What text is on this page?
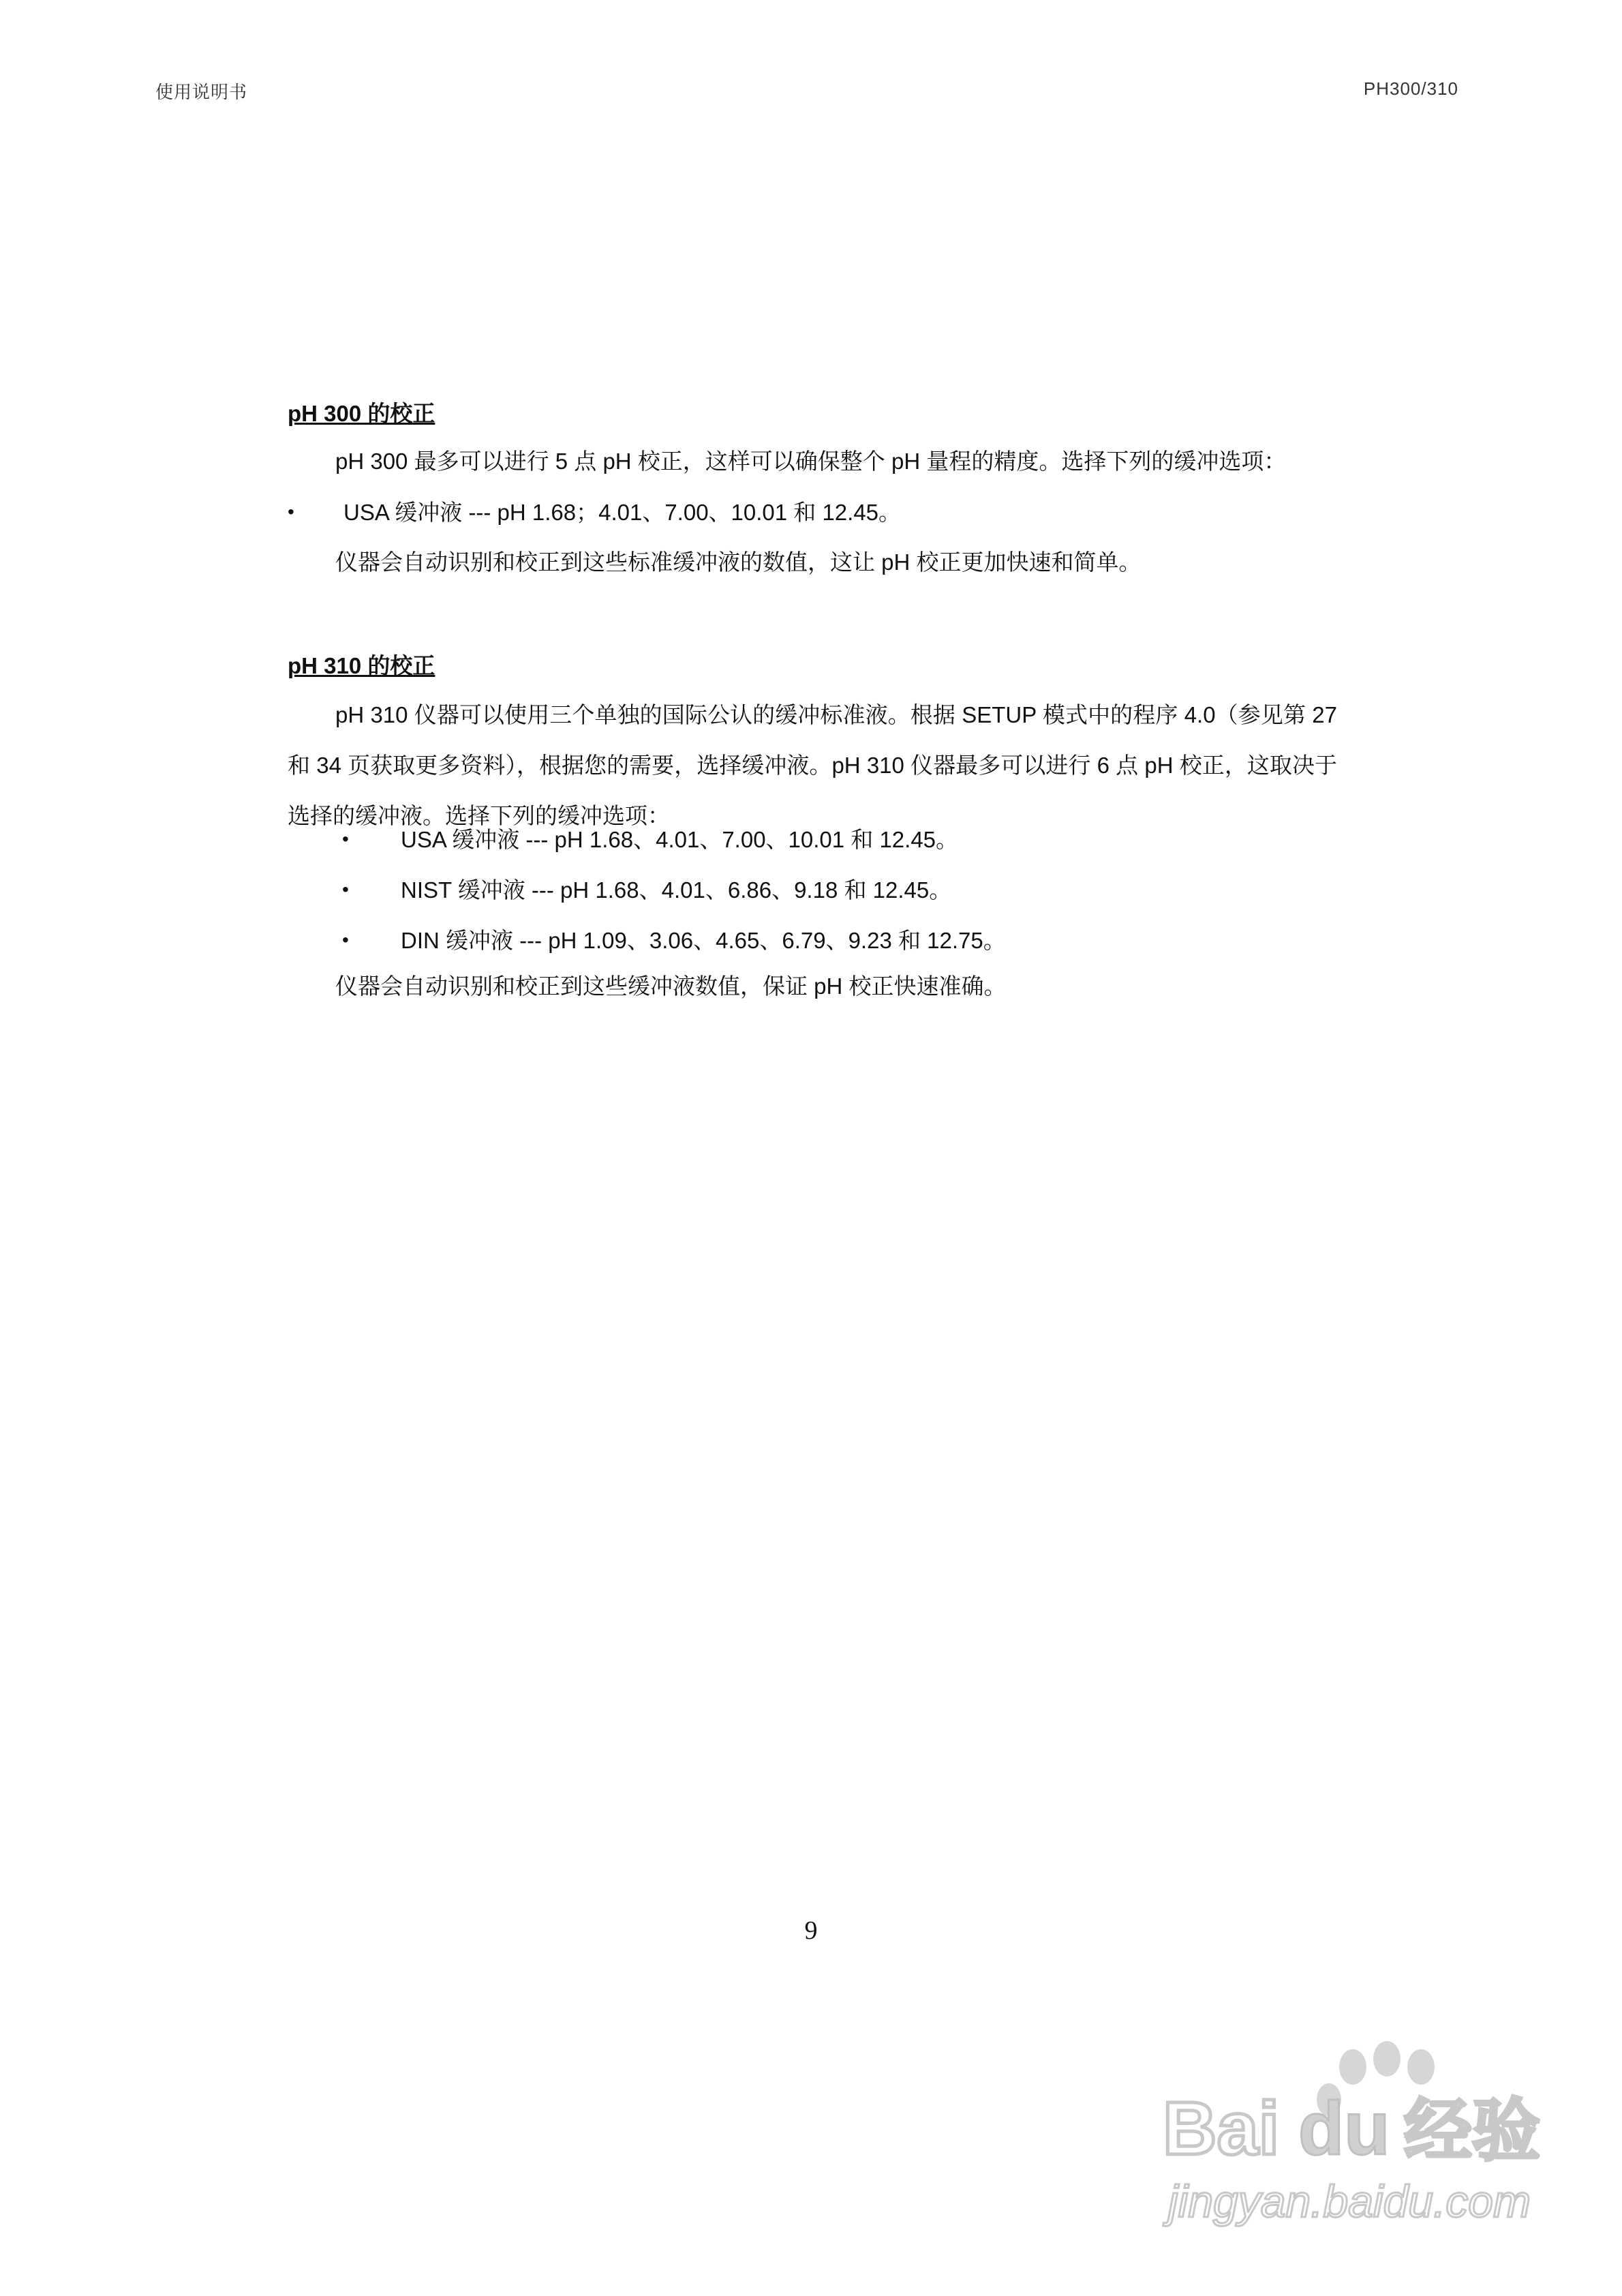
使用说明书	PH300/310

pH 300 的校正

pH 300 最多可以进行 5 点 pH 校正，这样可以确保整个 pH 量程的精度。选择下列的缓冲选项：

• USA 缓冲液 --- pH 1.68；4.01、7.00、10.01 和 12.45。

仪器会自动识别和校正到这些标准缓冲液的数值，这让 pH 校正更加快速和简单。

pH 310 的校正

pH 310 仪器可以使用三个单独的国际公认的缓冲标准液。根据 SETUP 模式中的程序 4.0（参见第 27 和 34 页获取更多资料），根据您的需要，选择缓冲液。pH 310 仪器最多可以进行 6 点 pH 校正，这取决于选择的缓冲液。选择下列的缓冲选项：

• USA 缓冲液 --- pH 1.68、4.01、7.00、10.01 和 12.45。
• NIST 缓冲液 --- pH 1.68、4.01、6.86、9.18 和 12.45。
• DIN 缓冲液 --- pH 1.09、3.06、4.65、6.79、9.23 和 12.75。

仪器会自动识别和校正到这些缓冲液数值，保证 pH 校正快速准确。

9
Bai du 经验
jingyan.baidu.com
